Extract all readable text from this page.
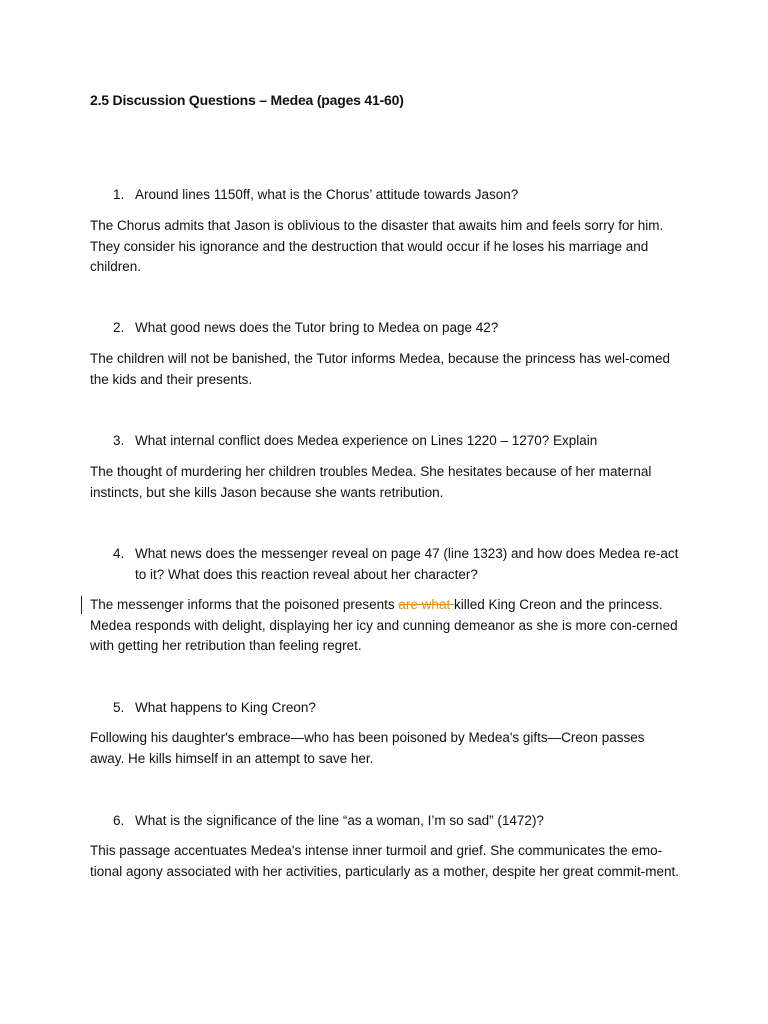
2.5 Discussion Questions – Medea (pages 41-60)
1. Around lines 1150ff, what is the Chorus’ attitude towards Jason?
The Chorus admits that Jason is oblivious to the disaster that awaits him and feels sorry for him. They consider his ignorance and the destruction that would occur if he loses his marriage and children.
2. What good news does the Tutor bring to Medea on page 42?
The children will not be banished, the Tutor informs Medea, because the princess has wel-comed the kids and their presents.
3. What internal conflict does Medea experience on Lines 1220 – 1270? Explain
The thought of murdering her children troubles Medea. She hesitates because of her maternal instincts, but she kills Jason because she wants retribution.
4. What news does the messenger reveal on page 47 (line 1323) and how does Medea re-act to it? What does this reaction reveal about her character?
The messenger informs that the poisoned presents are what killed King Creon and the princess. Medea responds with delight, displaying her icy and cunning demeanor as she is more con-cerned with getting her retribution than feeling regret.
5. What happens to King Creon?
Following his daughter's embrace—who has been poisoned by Medea's gifts—Creon passes away. He kills himself in an attempt to save her.
6. What is the significance of the line “as a woman, I’m so sad” (1472)?
This passage accentuates Medea's intense inner turmoil and grief. She communicates the emo-tional agony associated with her activities, particularly as a mother, despite her great commit-ment.
